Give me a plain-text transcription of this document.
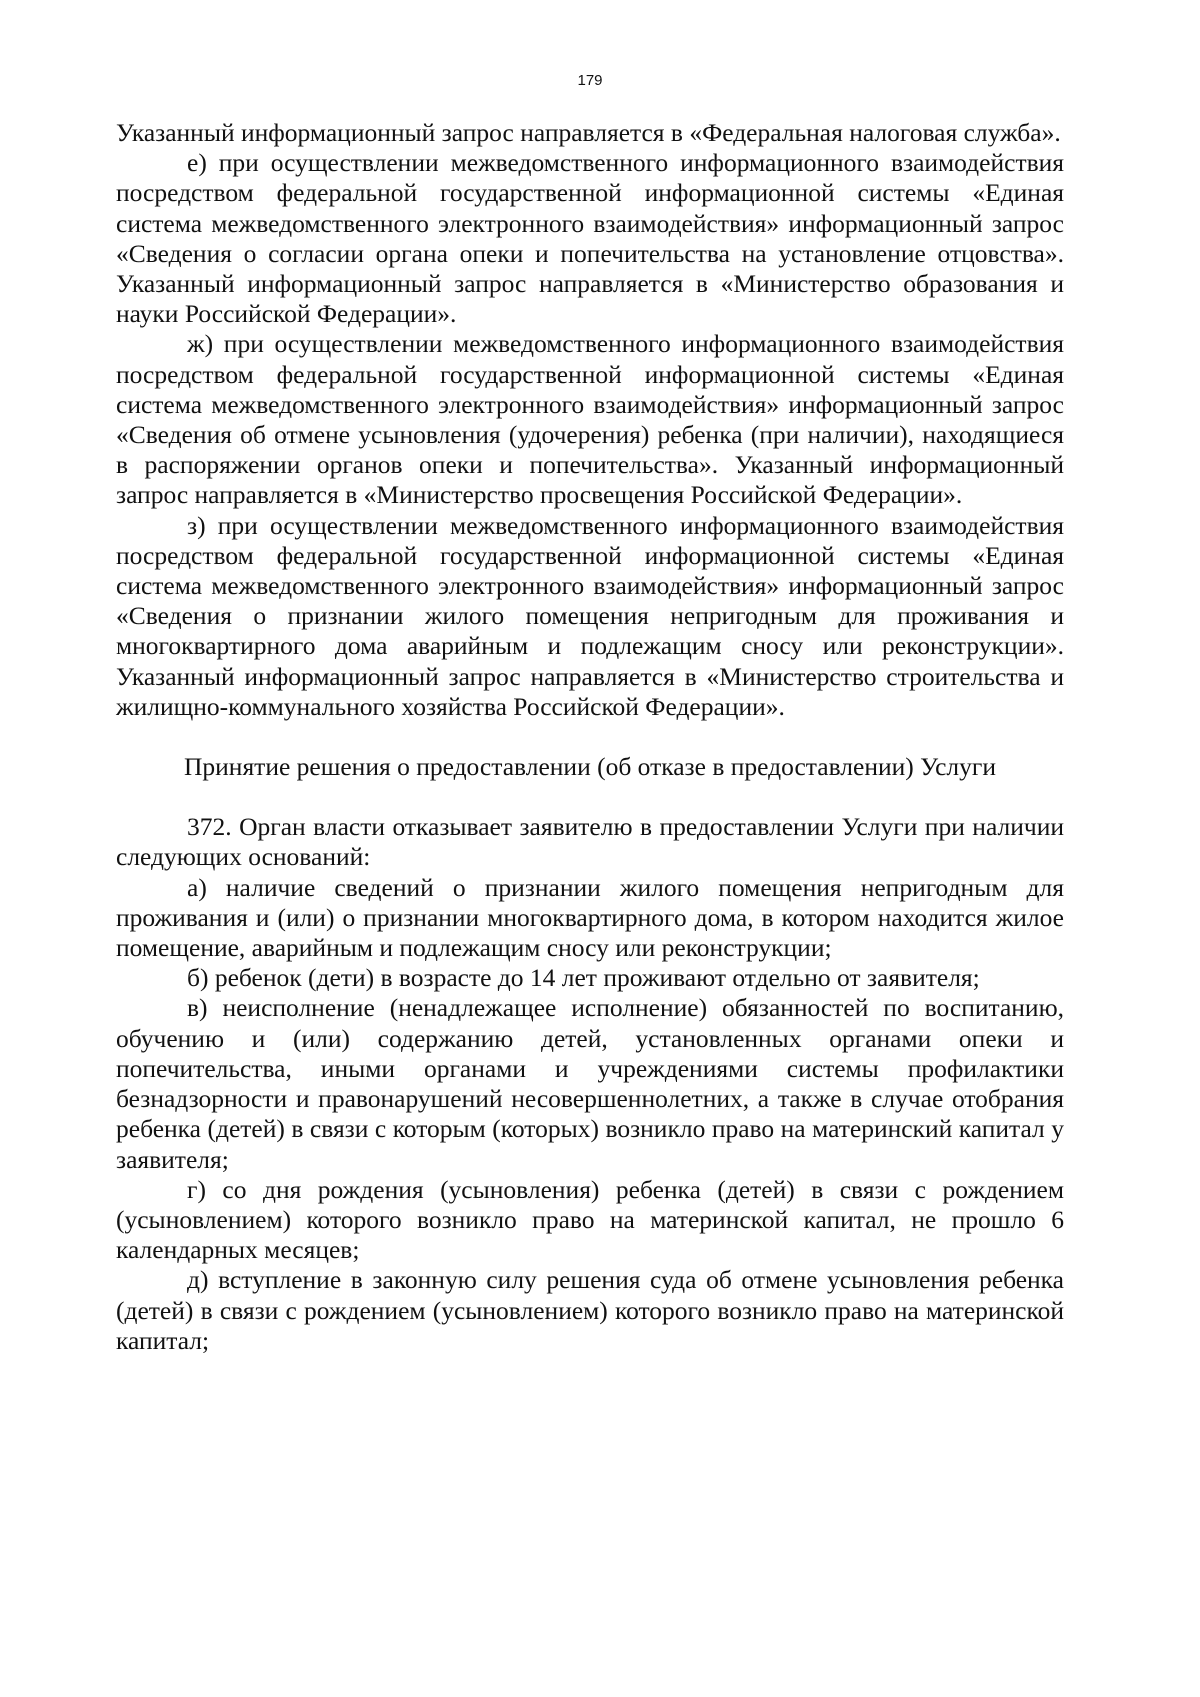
179

Указанный информационный запрос направляется в «Федеральная налоговая служба».

е) при осуществлении межведомственного информационного взаимодействия посредством федеральной государственной информационной системы «Единая система межведомственного электронного взаимодействия» информационный запрос «Сведения о согласии органа опеки и попечительства на установление отцовства». Указанный информационный запрос направляется в «Министерство образования и науки Российской Федерации».

ж) при осуществлении межведомственного информационного взаимодействия посредством федеральной государственной информационной системы «Единая система межведомственного электронного взаимодействия» информационный запрос «Сведения об отмене усыновления (удочерения) ребенка (при наличии), находящиеся в распоряжении органов опеки и попечительства». Указанный информационный запрос направляется в «Министерство просвещения Российской Федерации».

з) при осуществлении межведомственного информационного взаимодействия посредством федеральной государственной информационной системы «Единая система межведомственного электронного взаимодействия» информационный запрос «Сведения о признании жилого помещения непригодным для проживания и многоквартирного дома аварийным и подлежащим сносу или реконструкции». Указанный информационный запрос направляется в «Министерство строительства и жилищно-коммунального хозяйства Российской Федерации».

Принятие решения о предоставлении (об отказе в предоставлении) Услуги

372. Орган власти отказывает заявителю в предоставлении Услуги при наличии следующих оснований:

а) наличие сведений о признании жилого помещения непригодным для проживания и (или) о признании многоквартирного дома, в котором находится жилое помещение, аварийным и подлежащим сносу или реконструкции;

б) ребенок (дети) в возрасте до 14 лет проживают отдельно от заявителя;

в) неисполнение (ненадлежащее исполнение) обязанностей по воспитанию, обучению и (или) содержанию детей, установленных органами опеки и попечительства, иными органами и учреждениями системы профилактики безнадзорности и правонарушений несовершеннолетних, а также в случае отобрания ребенка (детей) в связи с которым (которых) возникло право на материнский капитал у заявителя;

г) со дня рождения (усыновления) ребенка (детей) в связи с рождением (усыновлением) которого возникло право на материнской капитал, не прошло 6 календарных месяцев;

д) вступление в законную силу решения суда об отмене усыновления ребенка (детей) в связи с рождением (усыновлением) которого возникло право на материнской капитал;
